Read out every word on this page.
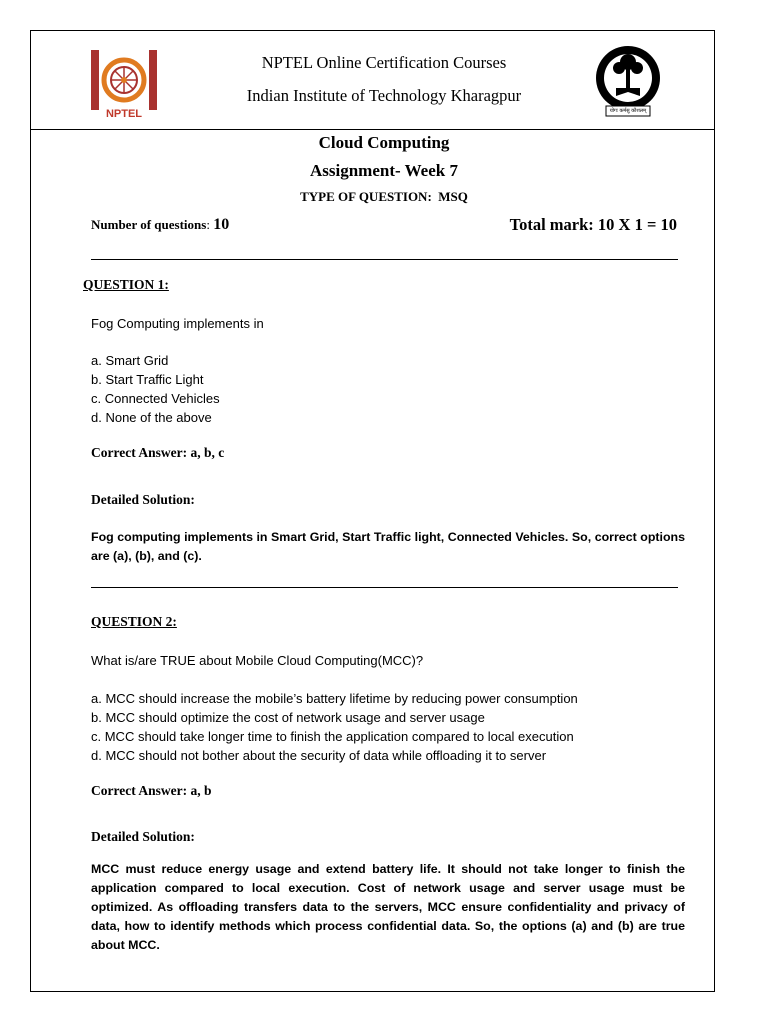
NPTEL
NPTEL Online Certification Courses
Indian Institute of Technology Kharagpur
योगः कर्मसु कौशलम्
Cloud Computing
Assignment- Week 7
TYPE OF QUESTION:  MSQ
Number of questions: 10	Total mark: 10 X 1 = 10
QUESTION 1:
Fog Computing implements in
a. Smart Grid
b. Start Traffic Light
c. Connected Vehicles
d. None of the above
Correct Answer: a, b, c
Detailed Solution:
Fog computing implements in Smart Grid, Start Traffic light, Connected Vehicles. So, correct options are (a), (b), and (c).
QUESTION 2:
What is/are TRUE about Mobile Cloud Computing(MCC)?
a. MCC should increase the mobile’s battery lifetime by reducing power consumption
b. MCC should optimize the cost of network usage and server usage
c. MCC should take longer time to finish the application compared to local execution
d. MCC should not bother about the security of data while offloading it to server
Correct Answer: a, b
Detailed Solution:
MCC must reduce energy usage and extend battery life. It should not take longer to finish the application compared to local execution. Cost of network usage and server usage must be optimized. As offloading transfers data to the servers, MCC ensure confidentiality and privacy of data, how to identify methods which process confidential data. So, the options (a) and (b) are true about MCC.
